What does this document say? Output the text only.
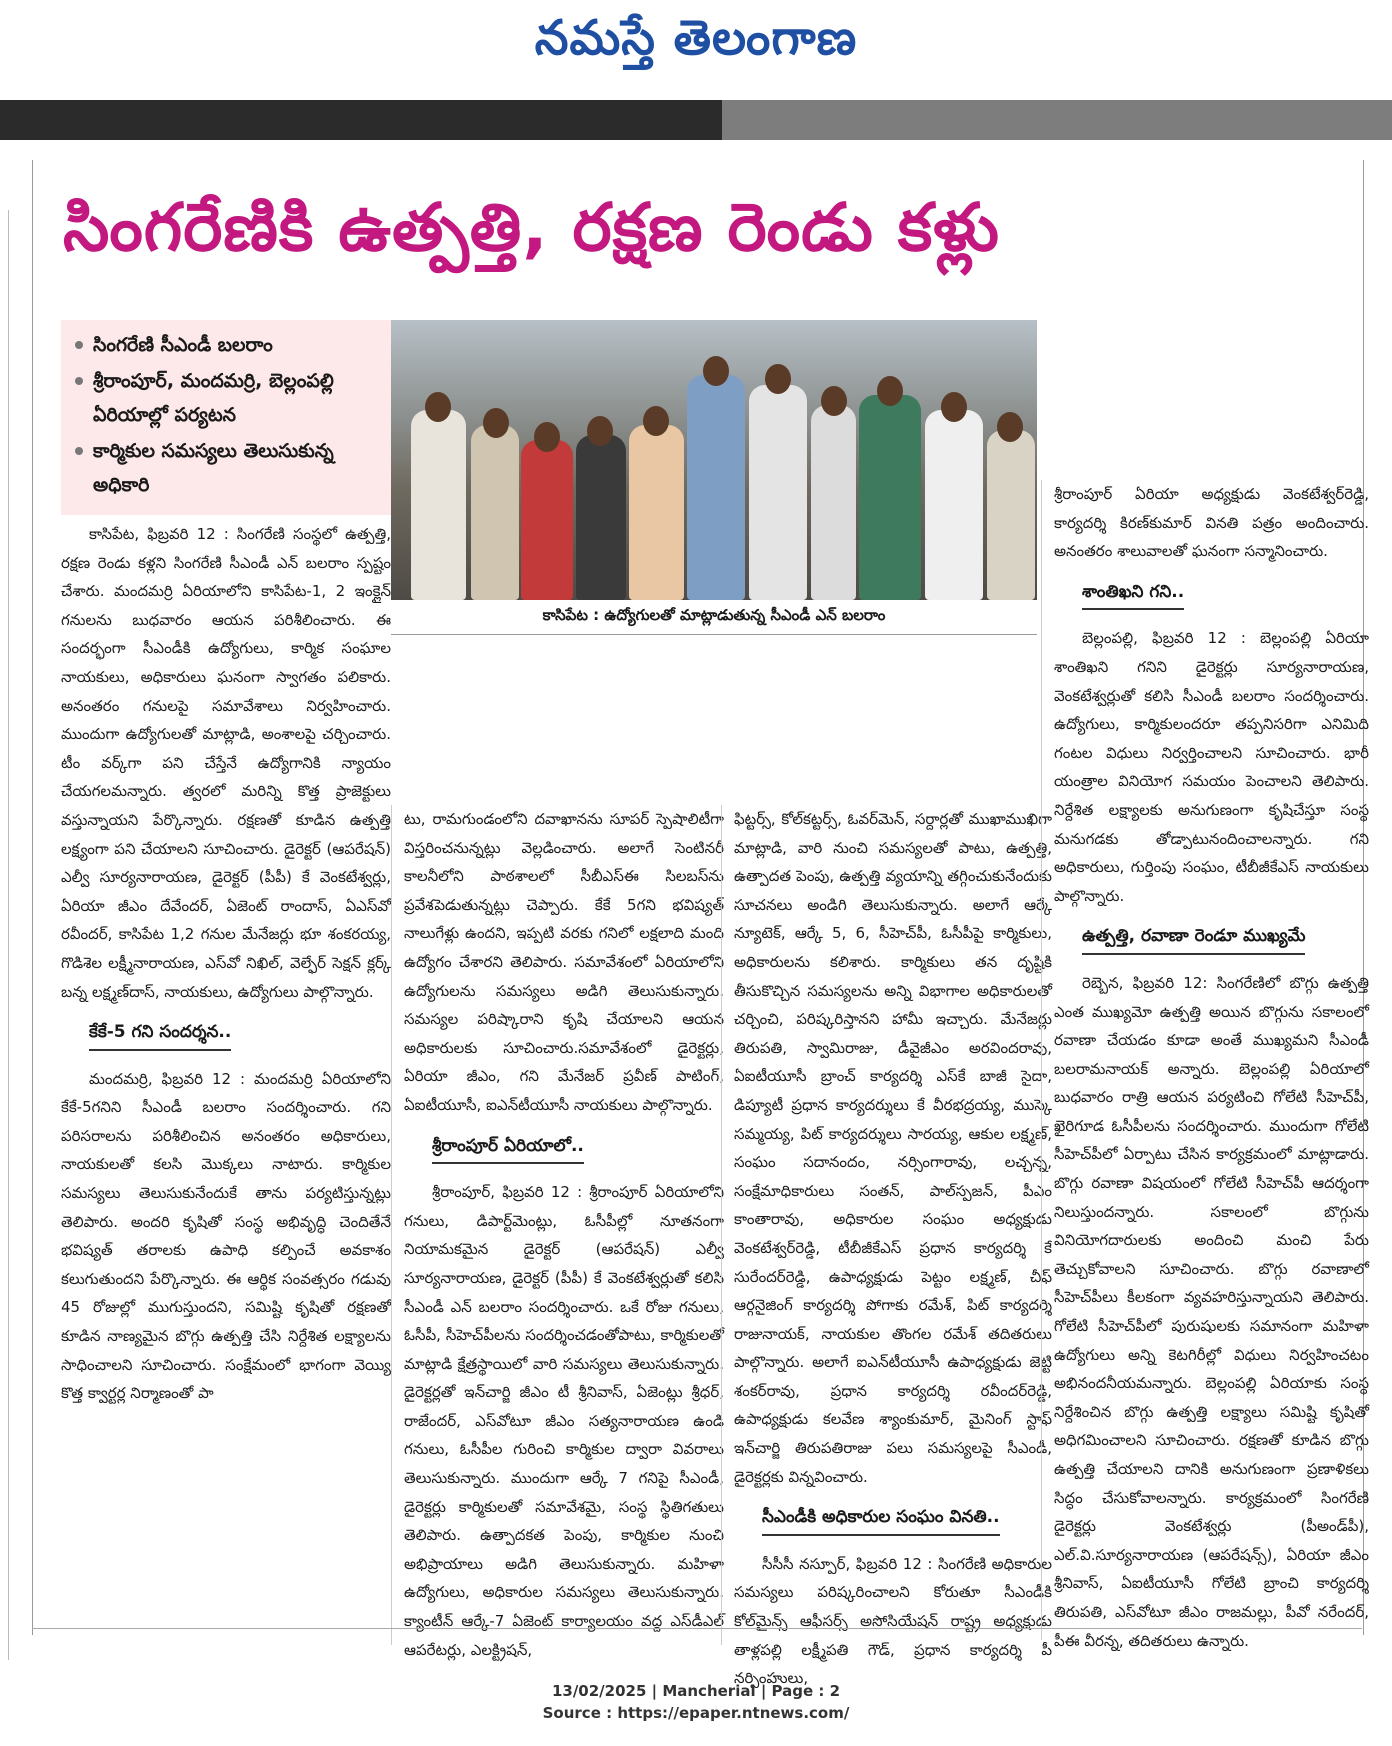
నమస్తే తెలంగాణ
సింగరేణికి ఉత్పత్తి, రక్షణ రెండు కళ్లు
సింగరేణి సీఎండీ బలరాం
శ్రీరాంపూర్, మందమర్రి, బెల్లంపల్లి ఏరియాల్లో పర్యటన
కార్మికుల సమస్యలు తెలుసుకున్న అధికారి
కాసిపేట : ఉద్యోగులతో మాట్లాడుతున్న సీఎండీ ఎన్ బలరాం

కాసిపేట, ఫిబ్రవరి 12 : సింగరేణి సంస్థలో ఉత్పత్తి, రక్షణ రెండు కళ్లని సింగరేణి సీఎండీ ఎన్ బలరాం స్పష్టం చేశారు. మందమర్రి ఏరియాలోని కాసిపేట-1, 2 ఇంక్లైన్ గనులను బుధవారం ఆయన పరిశీలించారు. ఈ సందర్భంగా సీఎండీకి ఉద్యోగులు, కార్మిక సంఘాల నాయకులు, అధికారులు ఘనంగా స్వాగతం పలికారు. అనంతరం గనులపై సమావేశాలు నిర్వహించారు. ముందుగా ఉద్యోగులతో మాట్లాడి, అంశాలపై చర్చించారు. టీం వర్క్‌గా పని చేస్తేనే ఉద్యోగానికి న్యాయం చేయగలమన్నారు. త్వరలో మరిన్ని కొత్త ప్రాజెక్టులు వస్తున్నాయని పేర్కొన్నారు. రక్షణతో కూడిన ఉత్పత్తి లక్ష్యంగా పని చేయాలని సూచించారు. డైరెక్టర్ (ఆపరేషన్) ఎల్వీ సూర్యనారాయణ, డైరెక్టర్ (పీపీ) కే వెంకటేశ్వర్లు, ఏరియా జీఎం దేవేందర్, ఏజెంట్ రాందాస్, ఏఎస్‌వో రవీందర్, కాసిపేట 1,2 గనుల మేనేజర్లు భూ శంకరయ్య, గొడిశెల లక్ష్మీనారాయణ, ఎస్‌వో నిఖిల్, వెల్ఫేర్ సెక్షన్ క్లర్క్ బన్న లక్ష్మణ్‌దాస్, నాయకులు, ఉద్యోగులు పాల్గొన్నారు.

కేకే-5 గని సందర్శన..

మందమర్రి, ఫిబ్రవరి 12 : మందమర్రి ఏరియాలోని కేకే-5గనిని సీఎండీ బలరాం సందర్శించారు. గని పరిసరాలను పరిశీలించిన అనంతరం అధికారులు, నాయకులతో కలసి మొక్కలు నాటారు. కార్మికుల సమస్యలు తెలుసుకునేందుకే తాను పర్యటిస్తున్నట్లు తెలిపారు. అందరి కృషితో సంస్థ అభివృద్ధి చెందితేనే భవిష్యత్ తరాలకు ఉపాధి కల్పించే అవకాశం కలుగుతుందని పేర్కొన్నారు. ఈ ఆర్థిక సంవత్సరం గడువు 45 రోజుల్లో ముగుస్తుందని, సమిష్టి కృషితో రక్షణతో కూడిన నాణ్యమైన బొగ్గు ఉత్పత్తి చేసి నిర్దేశిత లక్ష్యాలను సాధించాలని సూచించారు. సంక్షేమంలో భాగంగా వెయ్యి కొత్త క్వార్టర్ల నిర్మాణంతో పా

టు, రామగుండంలోని దవాఖానను సూపర్ స్పెషాలిటీగా విస్తరించనున్నట్లు వెల్లడించారు. అలాగే సెంటినరీ కాలనీలోని పాఠశాలలో సీబీఎస్ఈ సిలబస్‌ను ప్రవేశపెడుతున్నట్లు చెప్పారు. కేకే 5గని భవిష్యత్ నాలుగేళ్లు ఉందని, ఇప్పటి వరకు గనిలో లక్షలాది మంది ఉద్యోగం చేశారని తెలిపారు. సమావేశంలో ఏరియాలోని ఉద్యోగులను సమస్యలు అడిగి తెలుసుకున్నారు. సమస్యల పరిష్కారాని కృషి చేయాలని ఆయన అధికారులకు సూచించారు.సమావేశంలో డైరెక్టర్లు, ఏరియా జీఎం, గని మేనేజర్ ప్రవీణ్ పాటింగ్, ఏఐటీయూసీ, ఐఎన్‌టీయూసీ నాయకులు పాల్గొన్నారు.

శ్రీరాంపూర్ ఏరియాలో..

శ్రీరాంపూర్, ఫిబ్రవరి 12 : శ్రీరాంపూర్ ఏరియాలోని గనులు, డిపార్ట్‌మెంట్లు, ఓసీపీల్లో నూతనంగా నియామకమైన డైరెక్టర్ (ఆపరేషన్) ఎల్వీ సూర్యనారాయణ, డైరెక్టర్ (పీపీ) కే వెంకటేశ్వర్లుతో కలిసి సీఎండీ ఎన్ బలరాం సందర్శించారు. ఒకే రోజు గనులు, ఓసీపీ, సీహెచ్‌పీలను సందర్శించడంతోపాటు, కార్మికులతో మాట్లాడి క్షేత్రస్థాయిలో వారి సమస్యలు తెలుసుకున్నారు. డైరెక్టర్లతో ఇన్‌చార్జి జీఎం టీ శ్రీనివాస్, ఏజెంట్లు శ్రీధర్, రాజేందర్, ఎస్‌వోటూ జీఎం సత్యనారాయణ ఉండి గనులు, ఓసీపీల గురించి కార్మికుల ద్వారా వివరాలు తెలుసుకున్నారు. ముందుగా ఆర్కే 7 గనిపై సీఎండీ, డైరెక్టర్లు కార్మికులతో సమావేశమై, సంస్థ స్థితిగతులు తెలిపారు. ఉత్పాదకత పెంపు, కార్మికుల నుంచి అభిప్రాయాలు అడిగి తెలుసుకున్నారు. మహిళా ఉద్యోగులు, అధికారుల సమస్యలు తెలుసుకున్నారు. క్యాంటీన్ ఆర్కే-7 ఏజెంట్ కార్యాలయం వద్ద ఎస్‌డీఎల్ ఆపరేటర్లు, ఎలక్ట్రిషన్,

ఫిట్టర్స్, కోల్‌కట్టర్స్, ఓవర్‌మెన్, సర్దార్లతో ముఖాముఖిగా మాట్లాడి, వారి నుంచి సమస్యలతో పాటు, ఉత్పత్తి, ఉత్పాదత పెంపు, ఉత్పత్తి వ్యయాన్ని తగ్గించుకునేందుకు సూచనలు అండిగి తెలుసుకున్నారు. అలాగే ఆర్కే న్యూటెక్, ఆర్కే 5, 6, సీహెచ్‌పీ, ఓసీపీపై కార్మికులు, అధికారులను కలిశారు. కార్మికులు తన దృష్టికి తీసుకొచ్చిన సమస్యలను అన్ని విభాగాల అధికారులతో చర్చించి, పరిష్కరిస్తానని హామీ ఇచ్చారు. మేనేజర్లు తిరుపతి, స్వామిరాజు, డీవైజీఎం అరవిందరావు, ఏఐటీయూసీ బ్రాంచ్ కార్యదర్శి ఎస్‌కే బాజీ సైదా, డిప్యూటీ ప్రధాన కార్యదర్శులు కే వీరభద్రయ్య, ముస్కె సమ్మయ్య, పిట్ కార్యదర్శులు సారయ్య, ఆకుల లక్ష్మణ్, సంఘం సదానందం, నర్సింగారావు, లచ్చన్న, సంక్షేమాధికారులు సంతన్, పాల్‌స్పజన్, పీఎం కాంతారావు, అధికారుల సంఘం అధ్యక్షుడు వెంకటేశ్వర్‌రెడ్డి, టీబీజీకేఎస్ ప్రధాన కార్యదర్శి కే సురేందర్‌రెడ్డి, ఉపాధ్యక్షుడు పెట్టం లక్ష్మణ్, చీఫ్ ఆర్గనైజింగ్ కార్యదర్శి పోగాకు రమేశ్, పిట్ కార్యదర్శి రాజునాయక్, నాయకుల తొంగల రమేశ్ తదితరులు పాల్గొన్నారు. అలాగే ఐఎన్‌టీయూసీ ఉపాధ్యక్షుడు జెట్టి శంకర్‌రావు, ప్రధాన కార్యదర్శి రవీందర్‌రెడ్డి, ఉపాధ్యక్షుడు కలవేణ శ్యాంకుమార్, మైనింగ్ స్టాఫ్ ఇన్‌చార్జి తిరుపతిరాజు పలు సమస్యలపై సీఎండీ, డైరెక్టర్లకు విన్నవించారు.

సీఎండీకి అధికారుల సంఘం వినతి..

సీసీసీ నస్పూర్, ఫిబ్రవరి 12 : సింగరేణి అధికారుల సమస్యలు పరిష్కరించాలని కోరుతూ సీఎండీకి కోల్‌మైన్స్ ఆఫీసర్స్ అసోసియేషన్ రాష్ట్ర అధ్యక్షుడు తాళ్లపల్లి లక్ష్మీపతి గౌడ్, ప్రధాన కార్యదర్శి పీ నర్సింహులు,

శ్రీరాంపూర్ ఏరియా అధ్యక్షుడు వెంకటేశ్వర్‌రెడ్డి, కార్యదర్శి కిరణ్‌కుమార్ వినతి పత్రం అందించారు. అనంతరం శాలువాలతో ఘనంగా సన్మానించారు.

శాంతిఖని గని..

బెల్లంపల్లి, ఫిబ్రవరి 12 : బెల్లంపల్లి ఏరియా శాంతిఖని గనిని డైరెక్టర్లు సూర్యనారాయణ, వెంకటేశ్వర్లుతో కలిసి సీఎండీ బలరాం సందర్శించారు. ఉద్యోగులు, కార్మికులందరూ తప్పనిసరిగా ఎనిమిది గంటల విధులు నిర్వర్తించాలని సూచించారు. భారీ యంత్రాల వినియోగ సమయం పెంచాలని తెలిపారు. నిర్దేశిత లక్ష్యాలకు అనుగుణంగా కృషిచేస్తూ సంస్థ మనుగడకు తోడ్పాటునందించాలన్నారు. గని అధికారులు, గుర్తింపు సంఘం, టీబీజీకేఎస్ నాయకులు పాల్గొన్నారు.

ఉత్పత్తి, రవాణా రెండూ ముఖ్యమే

రెబ్బెన, ఫిబ్రవరి 12: సింగరేణిలో బొగ్గు ఉత్పత్తి ఎంత ముఖ్యమో ఉత్పత్తి అయిన బొగ్గును సకాలంలో రవాణా చేయడం కూడా అంతే ముఖ్యమని సీఎండీ బలరామనాయక్ అన్నారు. బెల్లంపల్లి ఏరియాలో బుధవారం రాత్రి ఆయన పర్యటించి గోలేటి సీహెచ్‌పీ, ఖైరిగూడ ఓసీపీలను సందర్శించారు. ముందుగా గోలేటి సీహెచ్‌పీలో ఏర్పాటు చేసిన కార్యక్రమంలో మాట్లాడారు. బొగ్గు రవాణా విషయంలో గోలేటి సీహెచ్‌పీ ఆదర్శంగా నిలుస్తుందన్నారు. సకాలంలో బొగ్గును వినియోగదారులకు అందించి మంచి పేరు తెచ్చుకోవాలని సూచించారు. బొగ్గు రవాణాలో సీహెచ్‌పీలు కీలకంగా వ్యవహరిస్తున్నాయని తెలిపారు. గోలేటి సీహెచ్‌పీలో పురుషులకు సమానంగా మహిళా ఉద్యోగులు అన్ని కెటగిరీల్లో విధులు నిర్వహించటం అభినందనీయమన్నారు. బెల్లంపల్లి ఏరియాకు సంస్థ నిర్దేశించిన బొగ్గు ఉత్పత్తి లక్ష్యాలు సమిష్టి కృషితో అధిగమించాలని సూచించారు. రక్షణతో కూడిన బొగ్గు ఉత్పత్తి చేయాలని దానికి అనుగుణంగా ప్రణాళికలు సిద్ధం చేసుకోవాలన్నారు. కార్యక్రమంలో సింగరేణి డైరెక్టర్లు వెంకటేశ్వర్లు (పీఅండ్‌పీ), ఎల్.వి.సూర్యనారాయణ (ఆపరేషన్స్), ఏరియా జీఎం శ్రీనివాస్, ఏఐటీయూసీ గోలేటి బ్రాంచి కార్యదర్శి తిరుపతి, ఎస్‌వోటూ జీఎం రాజమల్లు, పీవో నరేందర్, పీఈ వీరన్న, తదితరులు ఉన్నారు.

13/02/2025 | Mancherial | Page : 2
Source : https://epaper.ntnews.com/
